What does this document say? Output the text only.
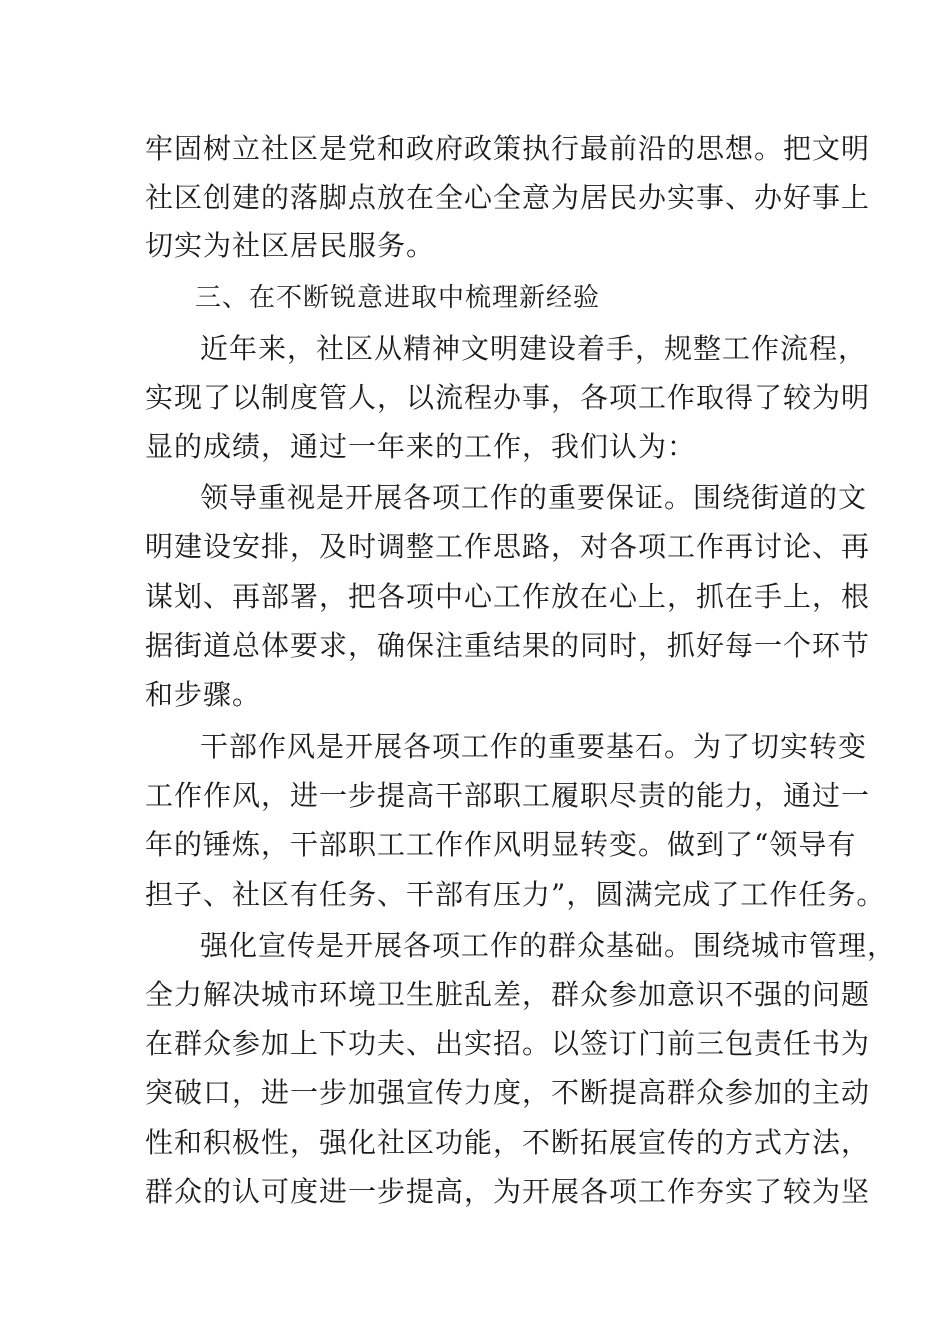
牢固树立社区是党和政府政策执行最前沿的思想。把文明
社区创建的落脚点放在全心全意为居民办实事、办好事上
切实为社区居民服务。
三、在不断锐意进取中梳理新经验
近年来，社区从精神文明建设着手，规整工作流程，
实现了以制度管人，以流程办事，各项工作取得了较为明
显的成绩，通过一年来的工作，我们认为：
领导重视是开展各项工作的重要保证。围绕街道的文
明建设安排，及时调整工作思路，对各项工作再讨论、再
谋划、再部署，把各项中心工作放在心上，抓在手上，根
据街道总体要求，确保注重结果的同时，抓好每一个环节
和步骤。
干部作风是开展各项工作的重要基石。为了切实转变
工作作风，进一步提高干部职工履职尽责的能力，通过一
年的锤炼，干部职工工作作风明显转变。做到了“领导有
担子、社区有任务、干部有压力”，圆满完成了工作任务。
强化宣传是开展各项工作的群众基础。围绕城市管理，
全力解决城市环境卫生脏乱差，群众参加意识不强的问题
在群众参加上下功夫、出实招。以签订门前三包责任书为
突破口，进一步加强宣传力度，不断提高群众参加的主动
性和积极性，强化社区功能，不断拓展宣传的方式方法，
群众的认可度进一步提高，为开展各项工作夯实了较为坚
